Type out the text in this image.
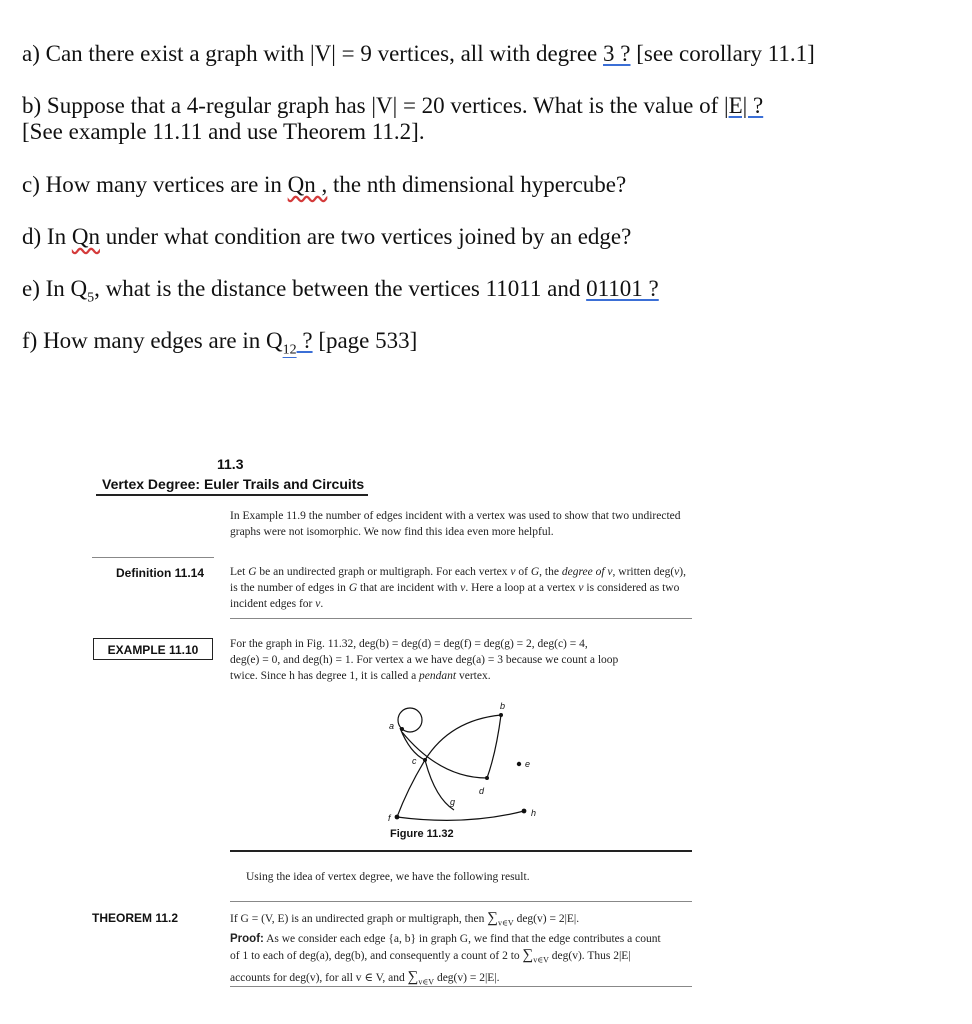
a) Can there exist a graph with |V| = 9 vertices, all with degree 3 ? [see corollary 11.1]
b) Suppose that a 4-regular graph has |V| = 20 vertices. What is the value of |E| ?
[See example 11.11 and use Theorem 11.2].
c) How many vertices are in Qn , the nth dimensional hypercube?
d) In Qn under what condition are two vertices joined by an edge?
e) In $Q_5$, what is the distance between the vertices 11011 and 01101 ?
f) How many edges are in $Q_{12}$ ? [page 533]
11.3
Vertex Degree: Euler Trails and Circuits
In Example 11.9 the number of edges incident with a vertex was used to show that two undirected graphs were not isomorphic. We now find this idea even more helpful.
Definition 11.14 Let G be an undirected graph or multigraph. For each vertex v of G, the degree of v, written deg(v), is the number of edges in G that are incident with v. Here a loop at a vertex v is considered as two incident edges for v.
EXAMPLE 11.10	For the graph in Fig. 11.32, deg(b) = deg(d) = deg(f) = deg(g) = 2, deg(c) = 4,
deg(e) = 0, and deg(h) = 1. For vertex a we have deg(a) = 3 because we count a loop
twice. Since h has degree 1, it is called a pendant vertex.
a
b
c
d
e
f
g
h
Figure 11.32
Using the idea of vertex degree, we have the following result.
THEOREM 11.2	If G = (V, E) is an undirected graph or multigraph, then $\sum_{v\in V}$ deg(v) = 2|E|.
Proof: As we consider each edge {a, b} in graph G, we find that the edge contributes a count
of 1 to each of deg(a), deg(b), and consequently a count of 2 to $\sum_{v\in V}$ deg(v). Thus 2|E|
accounts for deg(v), for all v ∈ V, and $\sum_{v\in V}$ deg(v) = 2|E|.
